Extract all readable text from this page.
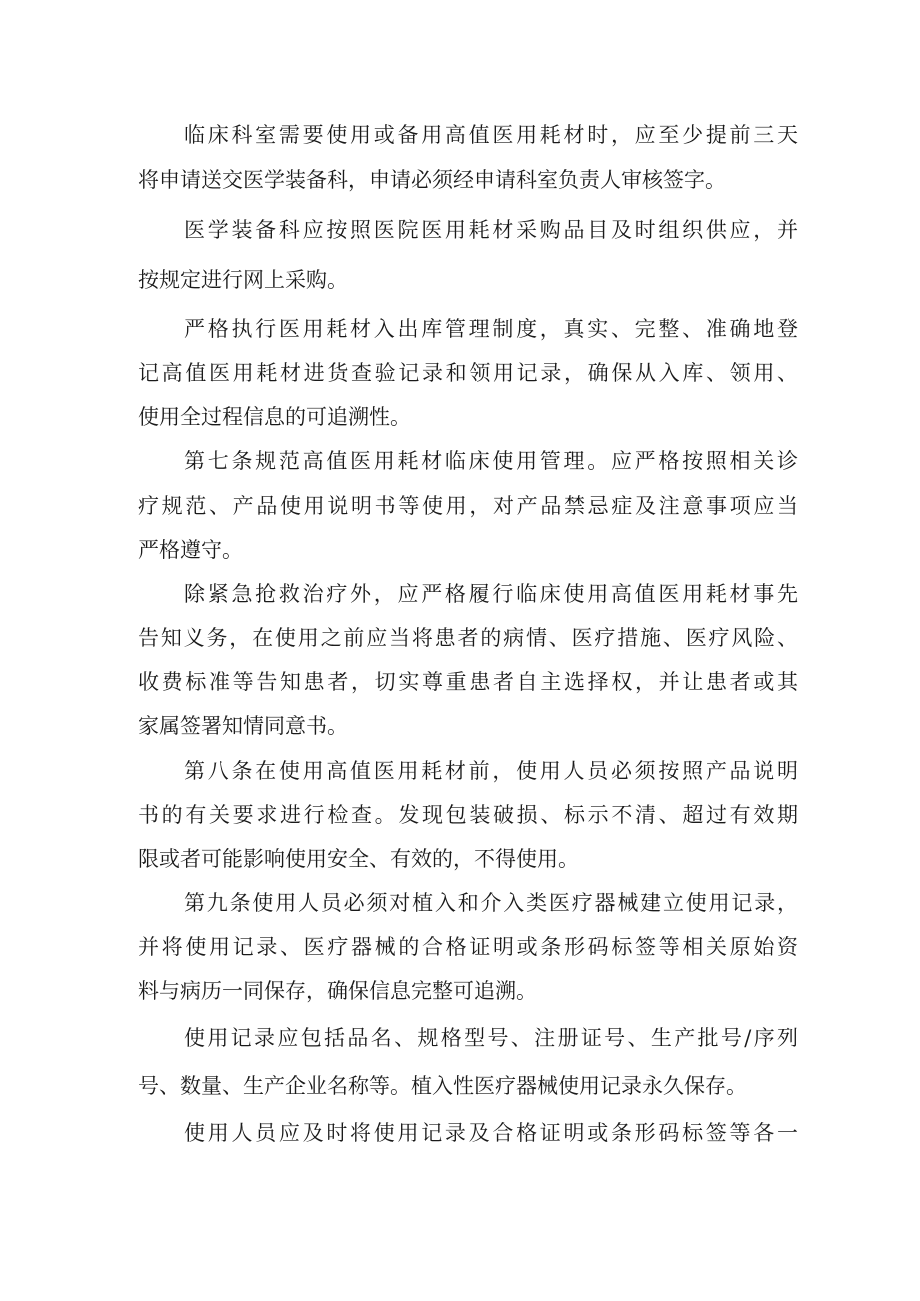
临床科室需要使用或备用高值医用耗材时，应至少提前三天
将申请送交医学装备科，申请必须经申请科室负责人审核签字。
医学装备科应按照医院医用耗材采购品目及时组织供应，并
按规定进行网上采购。
严格执行医用耗材入出库管理制度，真实、完整、准确地登
记高值医用耗材进货查验记录和领用记录，确保从入库、领用、
使用全过程信息的可追溯性。
第七条规范高值医用耗材临床使用管理。应严格按照相关诊
疗规范、产品使用说明书等使用，对产品禁忌症及注意事项应当
严格遵守。
除紧急抢救治疗外，应严格履行临床使用高值医用耗材事先
告知义务，在使用之前应当将患者的病情、医疗措施、医疗风险、
收费标准等告知患者，切实尊重患者自主选择权，并让患者或其
家属签署知情同意书。
第八条在使用高值医用耗材前，使用人员必须按照产品说明
书的有关要求进行检查。发现包装破损、标示不清、超过有效期
限或者可能影响使用安全、有效的，不得使用。
第九条使用人员必须对植入和介入类医疗器械建立使用记录，
并将使用记录、医疗器械的合格证明或条形码标签等相关原始资
料与病历一同保存，确保信息完整可追溯。
使用记录应包括品名、规格型号、注册证号、生产批号/序列
号、数量、生产企业名称等。植入性医疗器械使用记录永久保存。
使用人员应及时将使用记录及合格证明或条形码标签等各一
